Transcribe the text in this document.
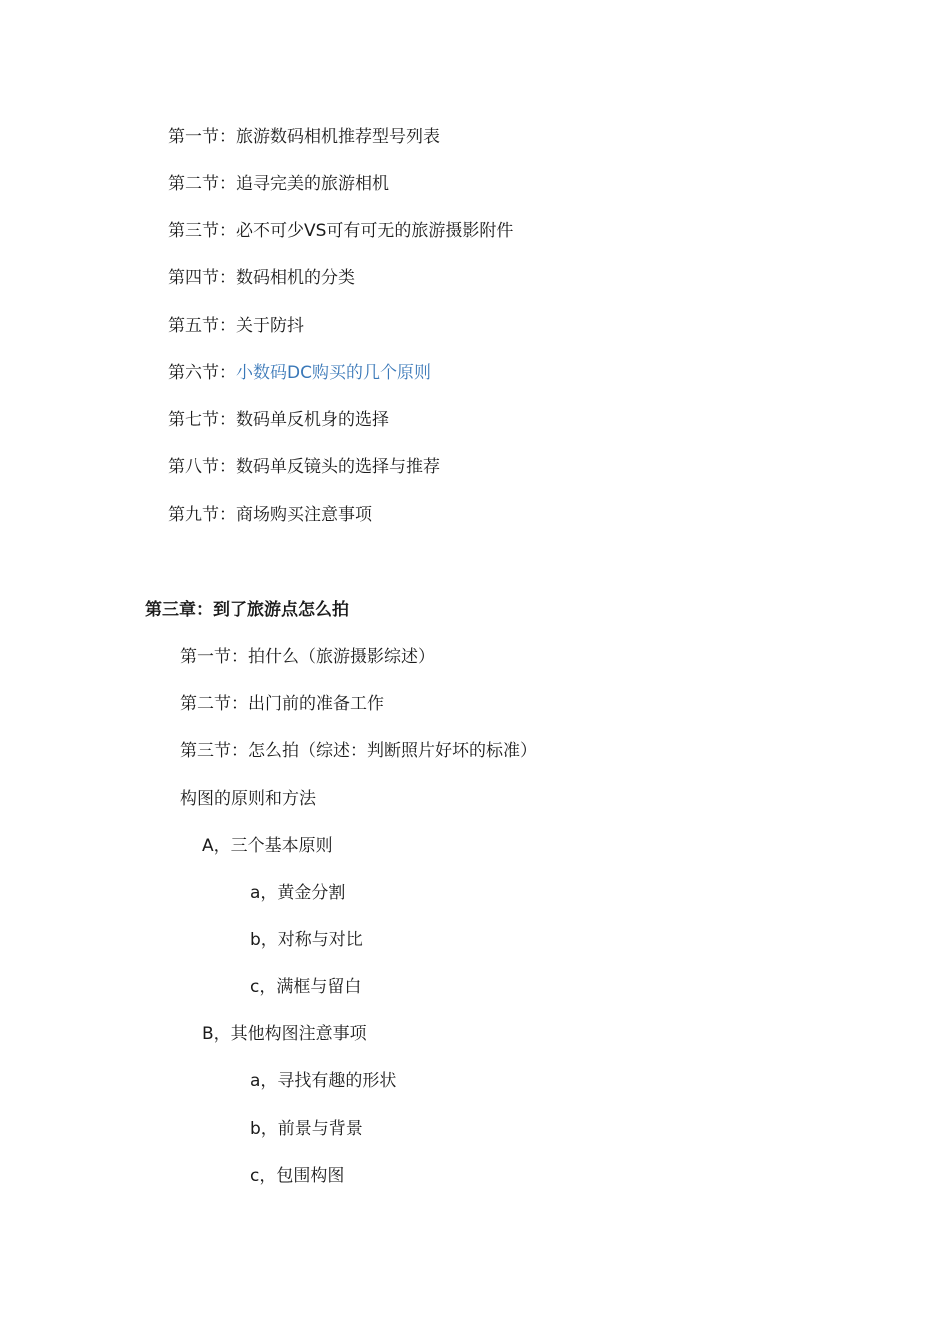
第一节：旅游数码相机推荐型号列表
第二节：追寻完美的旅游相机
第三节：必不可少VS可有可无的旅游摄影附件
第四节：数码相机的分类
第五节：关于防抖
第六节：小数码DC购买的几个原则
第七节：数码单反机身的选择
第八节：数码单反镜头的选择与推荐
第九节：商场购买注意事项
第三章：到了旅游点怎么拍
第一节：拍什么（旅游摄影综述）
第二节：出门前的准备工作
第三节：怎么拍（综述：判断照片好坏的标准）
构图的原则和方法
A，三个基本原则
a，黄金分割
b，对称与对比
c，满框与留白
B，其他构图注意事项
a，寻找有趣的形状
b，前景与背景
c，包围构图
